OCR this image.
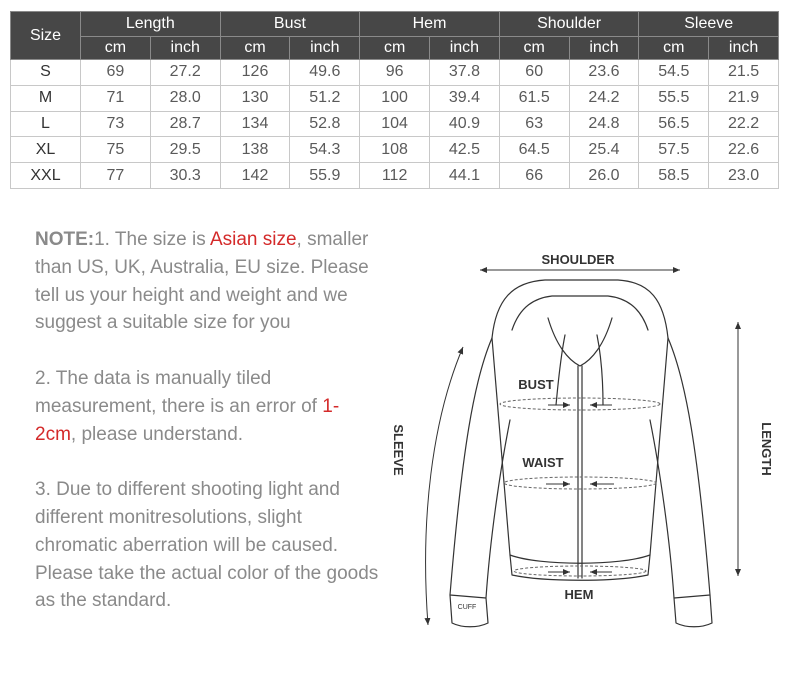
Size	Length		Bust		Hem		Shoulder		Sleeve	
	cm	inch	cm	inch	cm	inch	cm	inch	cm	inch
S	69	27.2	126	49.6	96	37.8	60	23.6	54.5	21.5
M	71	28.0	130	51.2	100	39.4	61.5	24.2	55.5	21.9
L	73	28.7	134	52.8	104	40.9	63	24.8	56.5	22.2
XL	75	29.5	138	54.3	108	42.5	64.5	25.4	57.5	22.6
XXL	77	30.3	142	55.9	112	44.1	66	26.0	58.5	23.0

NOTE:1. The size is Asian size, smaller than US, UK, Australia, EU size. Please tell us your height and weight and we suggest a suitable size for you

2. The data is manually tiled measurement, there is an error of 1-2cm, please understand.

3. Due to different shooting light and different monitresolutions, slight chromatic aberration will be caused. Please take the actual color of the goods as the standard.

SHOULDER
BUST
WAIST
HEM
SLEEVE	LENGTH
CUFF
